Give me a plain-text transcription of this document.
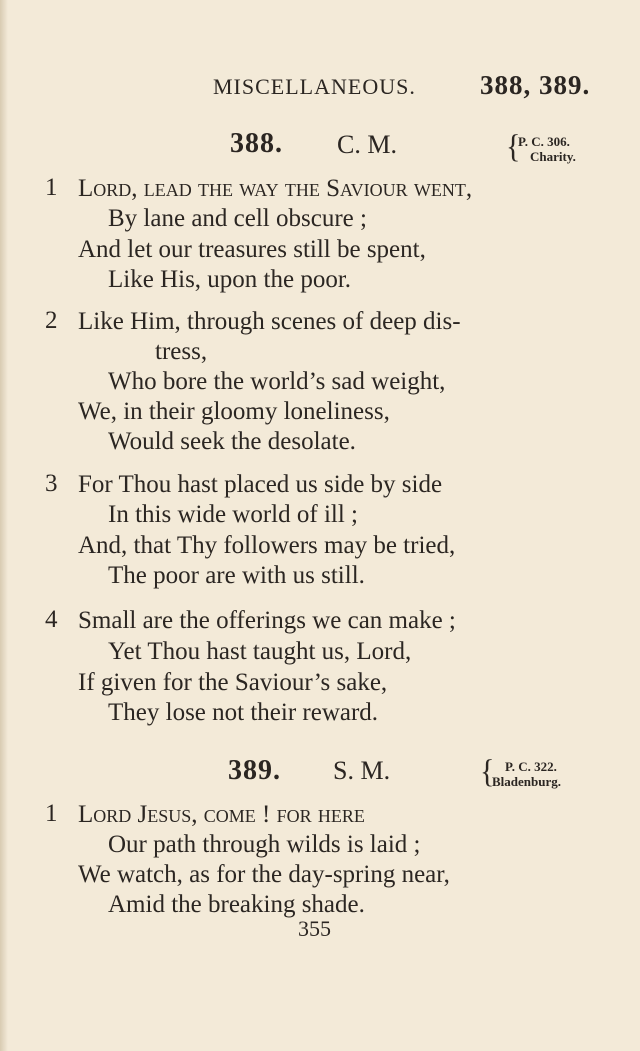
MISCELLANEOUS. 388, 389.
388. C. M.	{
P. C. 306.
Charity.
1 Lord, lead the way the Saviour went,
By lane and cell obscure ;
And let our treasures still be spent,
Like His, upon the poor.
2 Like Him, through scenes of deep dis-
tress,
Who bore the world’s sad weight,
We, in their gloomy loneliness,
Would seek the desolate.
3 For Thou hast placed us side by side
In this wide world of ill ;
And, that Thy followers may be tried,
The poor are with us still.
4 Small are the offerings we can make ;
Yet Thou hast taught us, Lord,
If given for the Saviour’s sake,
They lose not their reward.
389. S. M.	{ P. C. 322.
Bladenburg.
1 Lord Jesus, come ! for here
Our path through wilds is laid ;
We watch, as for the day-spring near,
Amid the breaking shade.
355
